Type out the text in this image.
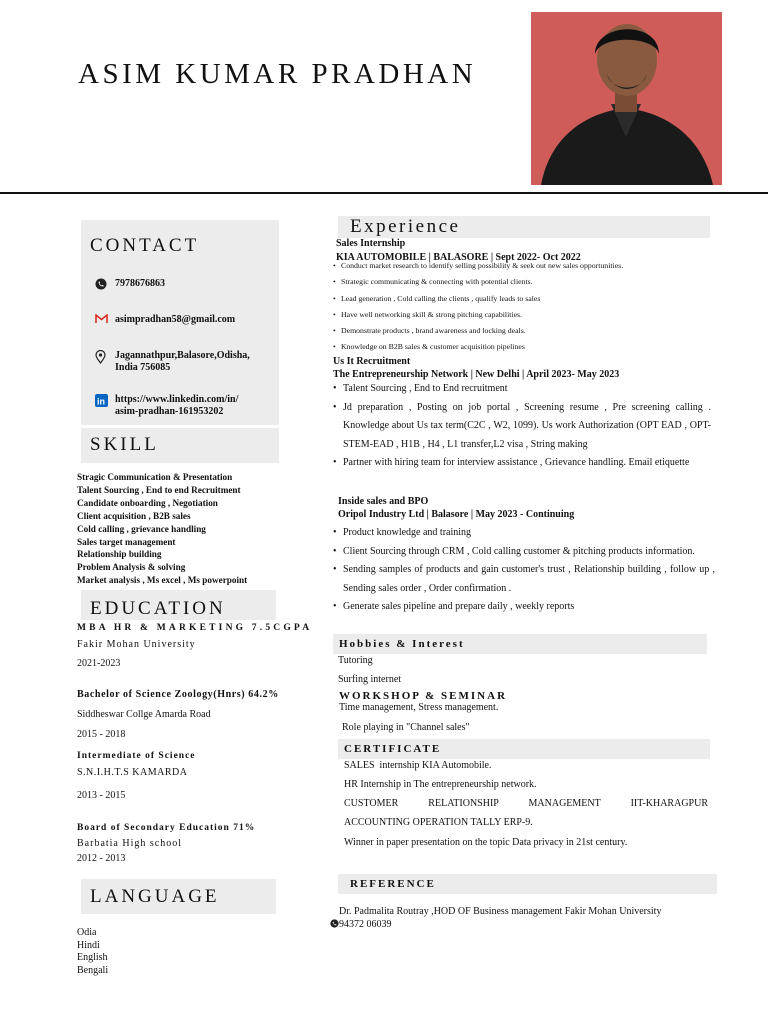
ASIM KUMAR PRADHAN
CONTACT
7978676863
asimpradhan58@gmail.com
Jagannathpur,Balasore,Odisha,
India 756085
in https://www.linkedin.com/in/
asim-pradhan-161953202
SKILL
Stragic Communication & Presentation
Talent Sourcing , End to end Recruitment
Candidate onboarding , Negotiation
Client acquisition , B2B sales
Cold calling , grievance handling
Sales target management
Relationship building
Problem Analysis & solving
Market analysis , Ms excel , Ms powerpoint
EDUCATION
MBA HR & MARKETING 7.5CGPA
Fakir Mohan University
2021-2023
Bachelor of Science Zoology(Hnrs) 64.2%
Siddheswar Collge Amarda Road
2015 - 2018
Intermediate of Science
S.N.I.H.T.S KAMARDA
2013 - 2015
Board of Secondary Education 71%
Barbatia High school
2012 - 2013
LANGUAGE
Odia
Hindi
English
Bengali
Experience
Sales Internship
KIA AUTOMOBILE | BALASORE | Sept 2022- Oct 2022
• Conduct market research to identify selling possibility & seek out new sales opportunities.
• Strategic communicating & connecting with potential clients.
• Lead generation , Cold calling the clients , qualify leads to sales
• Have well networking skill & strong pitching capabilities.
• Demonstrate products , brand awareness and locking deals.
• Knowledge on B2B sales & customer acquisition pipelines
Us It Recruitment
The Entrepreneurship Network | New Delhi | April 2023- May 2023
• Talent Sourcing , End to End recruitment
• Jd preparation , Posting on job portal , Screening resume , Pre screening calling . Knowledge about Us tax term(C2C , W2, 1099). Us work Authorization (OPT EAD , OPT-STEM-EAD , H1B , H4 , L1 transfer,L2 visa , String making
• Partner with hiring team for interview assistance , Grievance handling. Email etiquette
Inside sales and BPO
Oripol Industry Ltd | Balasore | May 2023 - Continuing
• Product knowledge and training
• Client Sourcing through CRM , Cold calling customer & pitching products information.
• Sending samples of products and gain customer's trust , Relationship building , follow up , Sending sales order , Order confirmation .
• Generate sales pipeline and prepare daily , weekly reports
Hobbies & Interest
Tutoring
Surfing internet
WORKSHOP & SEMINAR
Time management, Stress management.
Role playing in "Channel sales"
CERTIFICATE
SALES  internship KIA Automobile.
HR Internship in The entrepreneurship network.
CUSTOMER RELATIONSHIP MANAGEMENT IIT-KHARAGPUR
ACCOUNTING OPERATION TALLY ERP-9.
Winner in paper presentation on the topic Data privacy in 21st century.
REFERENCE
Dr. Padmalita Routray ,HOD OF Business management Fakir Mohan University
94372 06039
